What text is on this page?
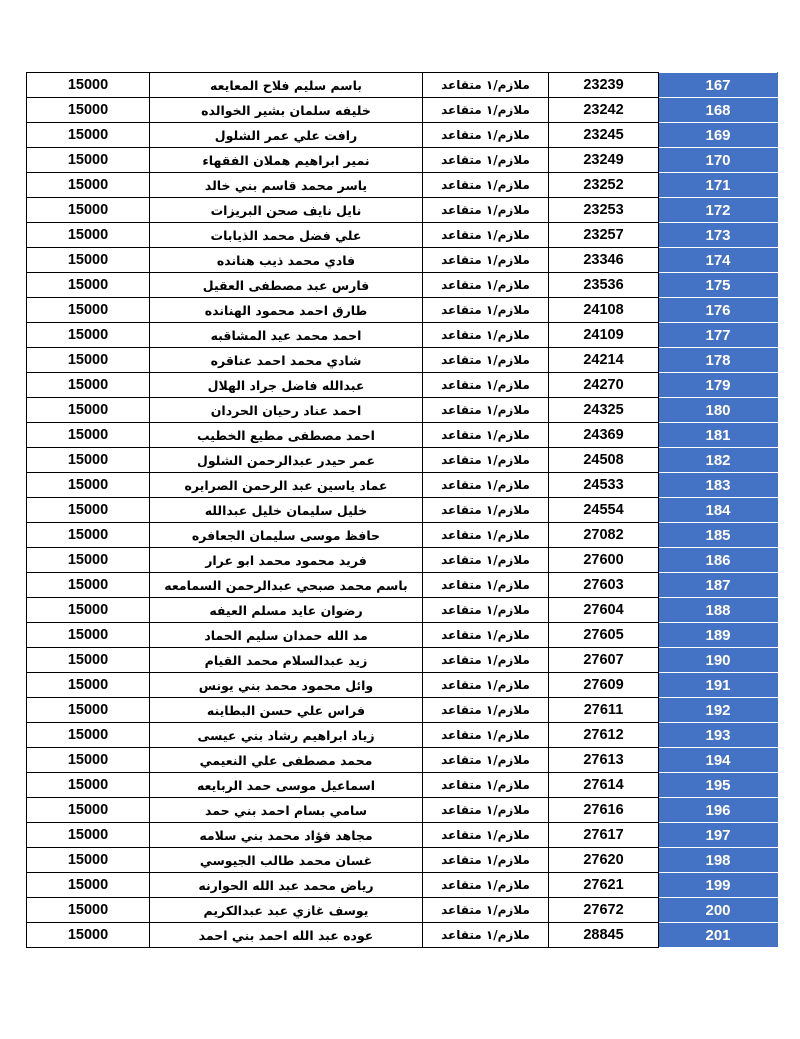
15000	باسم سليم فلاح المعايعه	ملازم/١ متقاعد	23239	167
15000	خليفه سلمان بشير الخوالده	ملازم/١ متقاعد	23242	168
15000	رافت علي عمر الشلول	ملازم/١ متقاعد	23245	169
15000	نمير ابراهيم هملان الفقهاء	ملازم/١ متقاعد	23249	170
15000	ياسر محمد قاسم بني خالد	ملازم/١ متقاعد	23252	171
15000	نايل نايف صحن البريزات	ملازم/١ متقاعد	23253	172
15000	علي فضل محمد الذيابات	ملازم/١ متقاعد	23257	173
15000	فادي محمد ذيب هنانده	ملازم/١ متقاعد	23346	174
15000	فارس عبد مصطفى العقيل	ملازم/١ متقاعد	23536	175
15000	طارق احمد محمود الهنانده	ملازم/١ متقاعد	24108	176
15000	احمد محمد عيد المشاقبه	ملازم/١ متقاعد	24109	177
15000	شادي محمد احمد عناقره	ملازم/١ متقاعد	24214	178
15000	عبدالله فاضل جراد الهلال	ملازم/١ متقاعد	24270	179
15000	احمد عناد رحيان الحردان	ملازم/١ متقاعد	24325	180
15000	احمد مصطفى مطيع الخطيب	ملازم/١ متقاعد	24369	181
15000	عمر حيدر عبدالرحمن الشلول	ملازم/١ متقاعد	24508	182
15000	عماد ياسين عبد الرحمن الصرايره	ملازم/١ متقاعد	24533	183
15000	خليل سليمان خليل عبدالله	ملازم/١ متقاعد	24554	184
15000	حافظ موسى سليمان الجعافره	ملازم/١ متقاعد	27082	185
15000	فريد محمود محمد ابو عرار	ملازم/١ متقاعد	27600	186
15000	باسم محمد صبحي عبدالرحمن السمامعه	ملازم/١ متقاعد	27603	187
15000	رضوان عايد مسلم العيفه	ملازم/١ متقاعد	27604	188
15000	مد الله حمدان سليم الحماد	ملازم/١ متقاعد	27605	189
15000	زيد عبدالسلام محمد القيام	ملازم/١ متقاعد	27607	190
15000	وائل محمود محمد بني يونس	ملازم/١ متقاعد	27609	191
15000	فراس علي حسن البطاينه	ملازم/١ متقاعد	27611	192
15000	زياد ابراهيم رشاد بني عيسى	ملازم/١ متقاعد	27612	193
15000	محمد مصطفى علي النعيمي	ملازم/١ متقاعد	27613	194
15000	اسماعيل موسى حمد الربايعه	ملازم/١ متقاعد	27614	195
15000	سامي بسام احمد بني حمد	ملازم/١ متقاعد	27616	196
15000	مجاهد فؤاد محمد بني سلامه	ملازم/١ متقاعد	27617	197
15000	غسان محمد طالب الجيوسي	ملازم/١ متقاعد	27620	198
15000	رياض محمد عبد الله الحوارنه	ملازم/١ متقاعد	27621	199
15000	يوسف غازي عبد عبدالكريم	ملازم/١ متقاعد	27672	200
15000	عوده عبد الله احمد بني احمد	ملازم/١ متقاعد	28845	201
